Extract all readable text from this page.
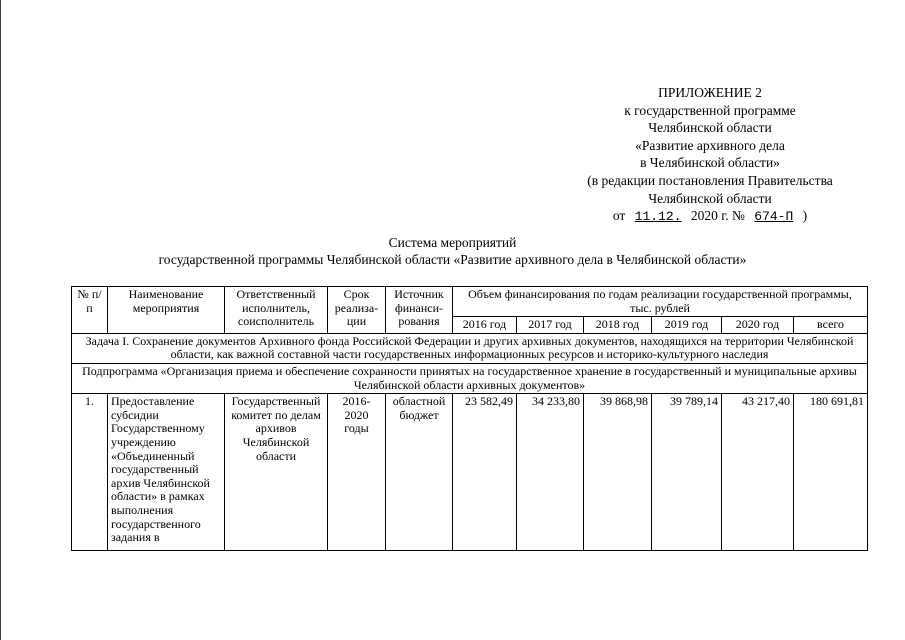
ПРИЛОЖЕНИЕ 2
к государственной программе
Челябинской области
«Развитие архивного дела
в Челябинской области»
(в редакции постановления Правительства
Челябинской области
от 11.12. 2020 г. № 674-П )
Система мероприятий
государственной программы Челябинской области «Развитие архивного дела в Челябинской области»
№ п/п	Наименование мероприятия	Ответственный исполнитель, соисполнитель	Срок реализа-ции	Источник финанси-рования	Объем финансирования по годам реализации государственной программы, тыс. рублей					
					2016 год	2017 год	2018 год	2019 год	2020 год	всего
Задача I. Сохранение документов Архивного фонда Российской Федерации и других архивных документов, находящихся на территории Челябинской области, как важной составной части государственных информационных ресурсов и историко-культурного наследия										
Подпрограмма «Организация приема и обеспечение сохранности принятых на государственное хранение в государственный и муниципальные архивы Челябинской области архивных документов»										
1.	Предоставление субсидии Государственному учреждению «Объединенный государственный архив Челябинской области» в рамках выполнения государственного задания в	Государственный комитет по делам архивов Челябинской области	2016-2020 годы	областной бюджет	23 582,49	34 233,80	39 868,98	39 789,14	43 217,40	180 691,81
